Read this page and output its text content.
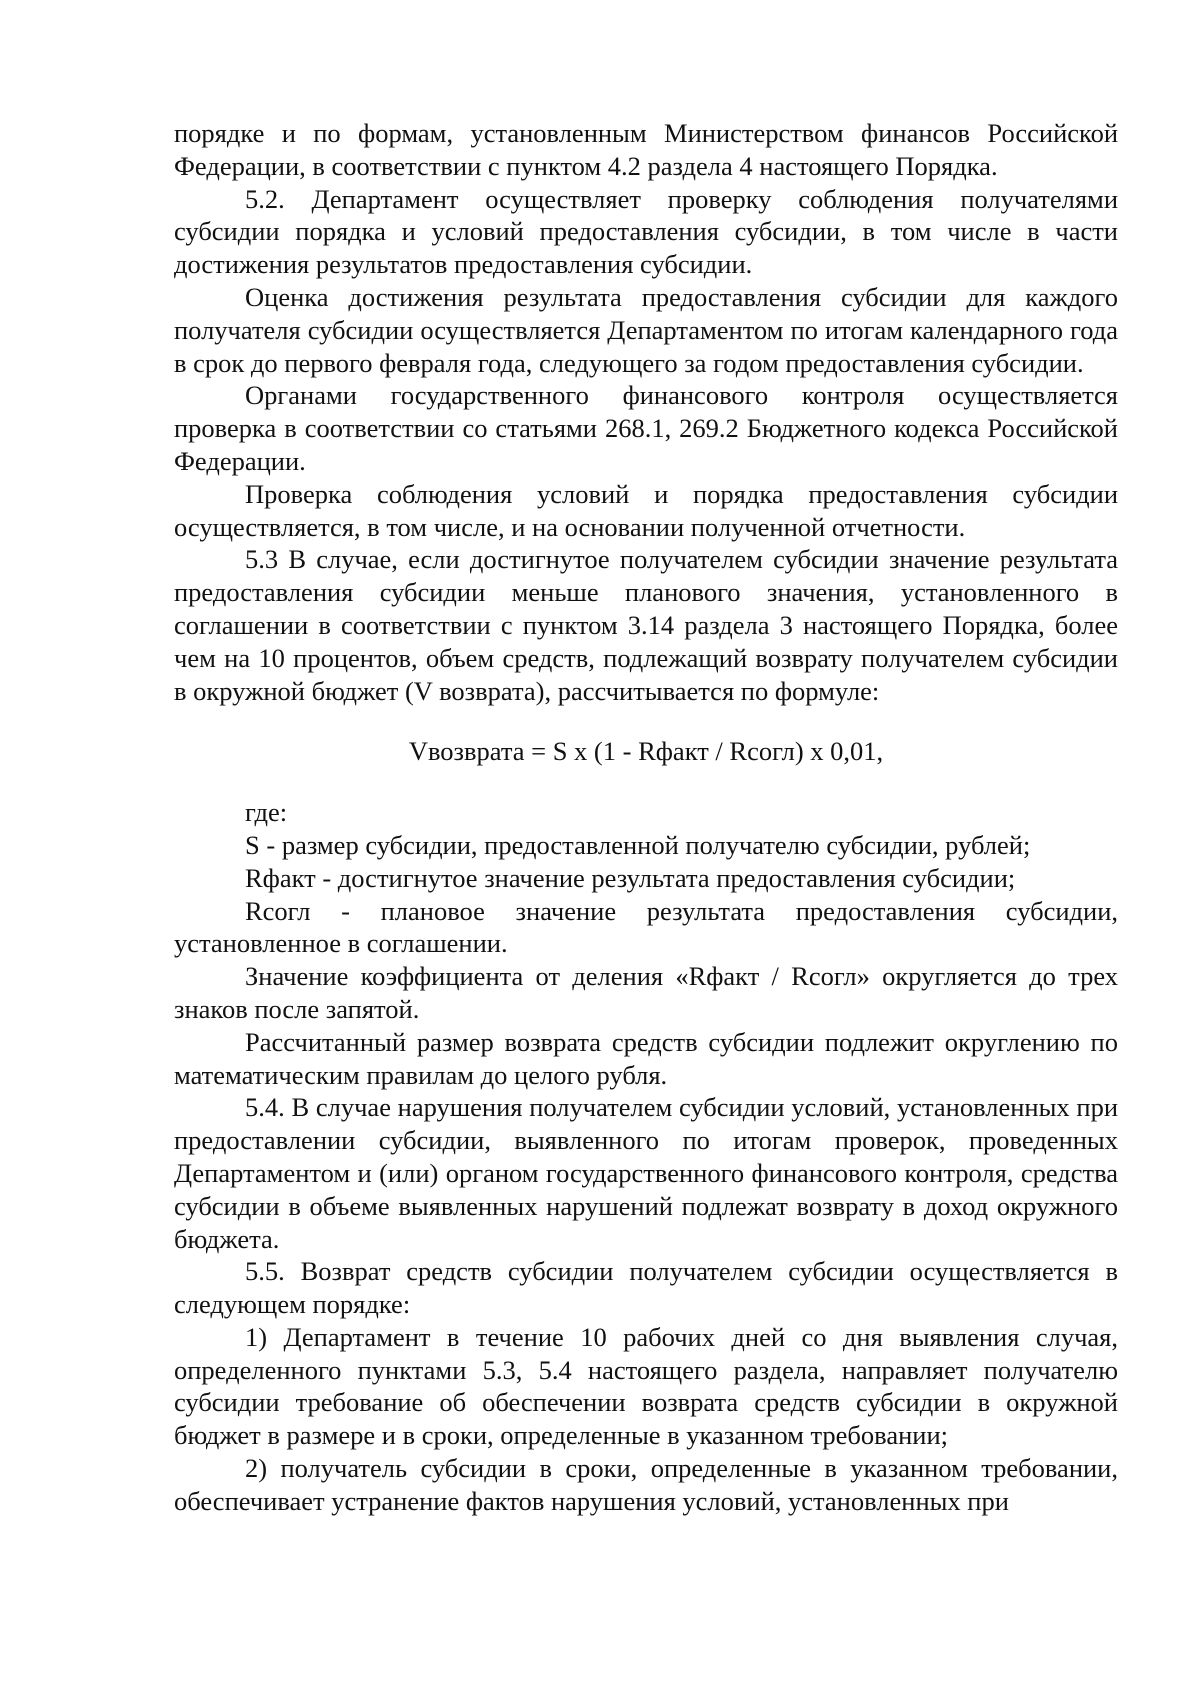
порядке и по формам, установленным Министерством финансов Российской Федерации, в соответствии с пунктом 4.2 раздела 4 настоящего Порядка.

5.2. Департамент осуществляет проверку соблюдения получателями субсидии порядка и условий предоставления субсидии, в том числе в части достижения результатов предоставления субсидии.

Оценка достижения результата предоставления субсидии для каждого получателя субсидии осуществляется Департаментом по итогам календарного года в срок до первого февраля года, следующего за годом предоставления субсидии.

Органами государственного финансового контроля осуществляется проверка в соответствии со статьями 268.1, 269.2 Бюджетного кодекса Российской Федерации.

Проверка соблюдения условий и порядка предоставления субсидии осуществляется, в том числе, и на основании полученной отчетности.

5.3 В случае, если достигнутое получателем субсидии значение результата предоставления субсидии меньше планового значения, установленного в соглашении в соответствии с пунктом 3.14 раздела 3 настоящего Порядка, более чем на 10 процентов, объем средств, подлежащий возврату получателем субсидии в окружной бюджет (V возврата), рассчитывается по формуле:

Vвозврата = S x (1 - Rфакт / Rсогл) x 0,01,

где:

S - размер субсидии, предоставленной получателю субсидии, рублей;

Rфакт - достигнутое значение результата предоставления субсидии;

Rсогл - плановое значение результата предоставления субсидии, установленное в соглашении.

Значение коэффициента от деления «Rфакт / Rсогл» округляется до трех знаков после запятой.

Рассчитанный размер возврата средств субсидии подлежит округлению по математическим правилам до целого рубля.

5.4. В случае нарушения получателем субсидии условий, установленных при предоставлении субсидии, выявленного по итогам проверок, проведенных Департаментом и (или) органом государственного финансового контроля, средства субсидии в объеме выявленных нарушений подлежат возврату в доход окружного бюджета.

5.5. Возврат средств субсидии получателем субсидии осуществляется в следующем порядке:

1) Департамент в течение 10 рабочих дней со дня выявления случая, определенного пунктами 5.3, 5.4 настоящего раздела, направляет получателю субсидии требование об обеспечении возврата средств субсидии в окружной бюджет в размере и в сроки, определенные в указанном требовании;

2) получатель субсидии в сроки, определенные в указанном требовании, обеспечивает устранение фактов нарушения условий, установленных при
